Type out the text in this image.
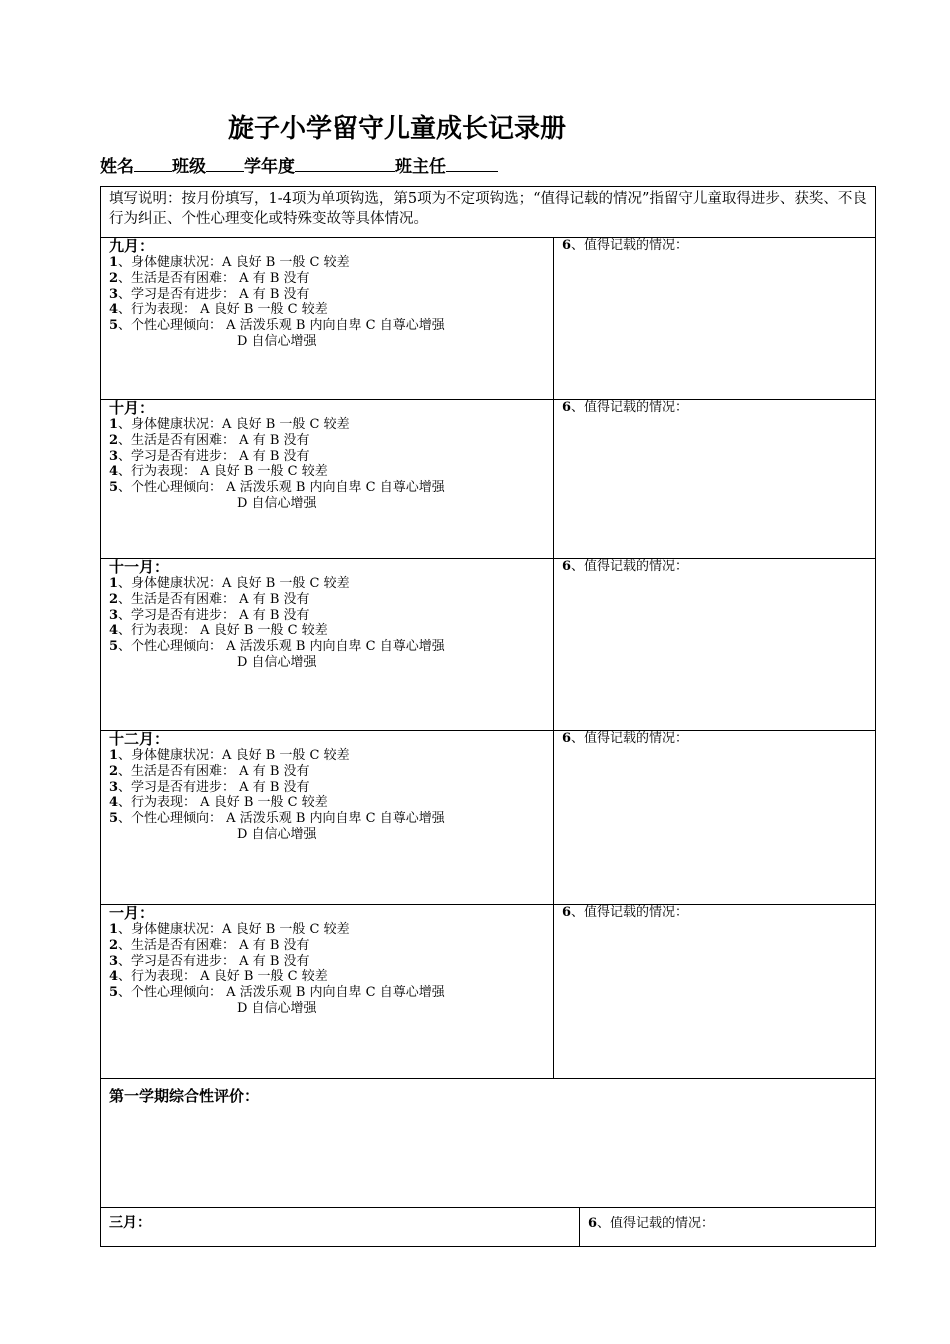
旋子小学留守儿童成长记录册
姓名 班级 学年度	班主任
填写说明：按月份填写，1-4项为单项钩选，第5项为不定项钩选；“值得记载的情况”指留守儿童取得进步、获奖、不良行为纠正、个性心理变化或特殊变故等具体情况。
九月：
1、身体健康状况：A 良好 B 一般 C 较差
2、生活是否有困难： A 有 B 没有
3、学习是否有进步： A 有 B 没有
4、行为表现： A 良好 B 一般 C 较差
5、个性心理倾向： A 活泼乐观 B 内向自卑 C 自尊心增强
D 自信心增强
6、值得记载的情况：
十月：
1、身体健康状况：A 良好 B 一般 C 较差
2、生活是否有困难： A 有 B 没有
3、学习是否有进步： A 有 B 没有
4、行为表现： A 良好 B 一般 C 较差
5、个性心理倾向： A 活泼乐观 B 内向自卑 C 自尊心增强
D 自信心增强
6、值得记载的情况：
十一月：
1、身体健康状况：A 良好 B 一般 C 较差
2、生活是否有困难： A 有 B 没有
3、学习是否有进步： A 有 B 没有
4、行为表现： A 良好 B 一般 C 较差
5、个性心理倾向： A 活泼乐观 B 内向自卑 C 自尊心增强
D 自信心增强
6、值得记载的情况：
十二月：
1、身体健康状况：A 良好 B 一般 C 较差
2、生活是否有困难： A 有 B 没有
3、学习是否有进步： A 有 B 没有
4、行为表现： A 良好 B 一般 C 较差
5、个性心理倾向： A 活泼乐观 B 内向自卑 C 自尊心增强
D 自信心增强
6、值得记载的情况：
一月：
1、身体健康状况：A 良好 B 一般 C 较差
2、生活是否有困难： A 有 B 没有
3、学习是否有进步： A 有 B 没有
4、行为表现： A 良好 B 一般 C 较差
5、个性心理倾向： A 活泼乐观 B 内向自卑 C 自尊心增强
D 自信心增强
6、值得记载的情况：
第一学期综合性评价：
三月：	6、值得记载的情况：
